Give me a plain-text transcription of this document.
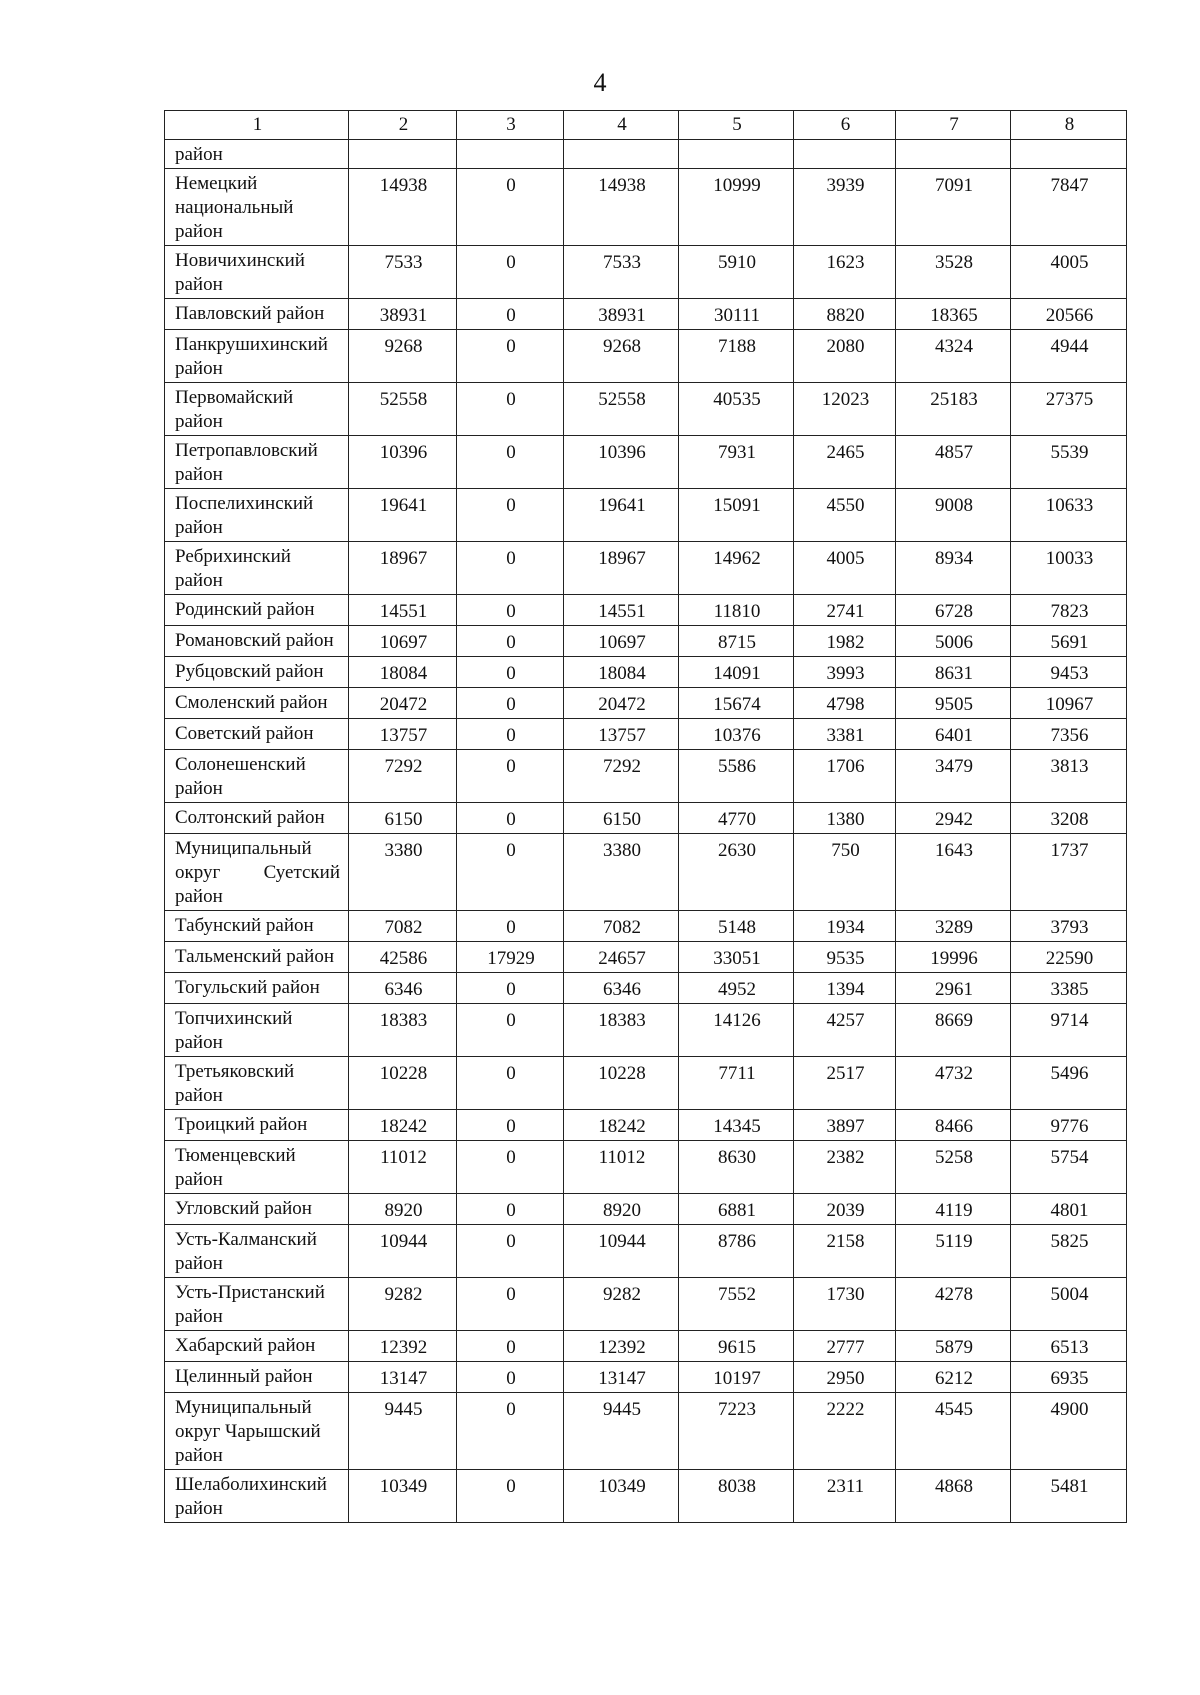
4
1	2	3	4	5	6	7	8
район							
Немецкий национальный район	14938	0	14938	10999	3939	7091	7847
Новичихинский район	7533	0	7533	5910	1623	3528	4005
Павловский район	38931	0	38931	30111	8820	18365	20566
Панкрушихинский район	9268	0	9268	7188	2080	4324	4944
Первомайский район	52558	0	52558	40535	12023	25183	27375
Петропавловский район	10396	0	10396	7931	2465	4857	5539
Поспелихинский район	19641	0	19641	15091	4550	9008	10633
Ребрихинский район	18967	0	18967	14962	4005	8934	10033
Родинский район	14551	0	14551	11810	2741	6728	7823
Романовский район	10697	0	10697	8715	1982	5006	5691
Рубцовский район	18084	0	18084	14091	3993	8631	9453
Смоленский район	20472	0	20472	15674	4798	9505	10967
Советский район	13757	0	13757	10376	3381	6401	7356
Солонешенский район	7292	0	7292	5586	1706	3479	3813
Солтонский район	6150	0	6150	4770	1380	2942	3208
Муниципальный округ Суетский район	3380	0	3380	2630	750	1643	1737
Табунский район	7082	0	7082	5148	1934	3289	3793
Тальменский район	42586	17929	24657	33051	9535	19996	22590
Тогульский район	6346	0	6346	4952	1394	2961	3385
Топчихинский район	18383	0	18383	14126	4257	8669	9714
Третьяковский район	10228	0	10228	7711	2517	4732	5496
Троицкий район	18242	0	18242	14345	3897	8466	9776
Тюменцевский район	11012	0	11012	8630	2382	5258	5754
Угловский район	8920	0	8920	6881	2039	4119	4801
Усть-Калманский район	10944	0	10944	8786	2158	5119	5825
Усть-Пристанский район	9282	0	9282	7552	1730	4278	5004
Хабарский район	12392	0	12392	9615	2777	5879	6513
Целинный район	13147	0	13147	10197	2950	6212	6935
Муниципальный округ Чарышский район	9445	0	9445	7223	2222	4545	4900
Шелаболихинский район	10349	0	10349	8038	2311	4868	5481
